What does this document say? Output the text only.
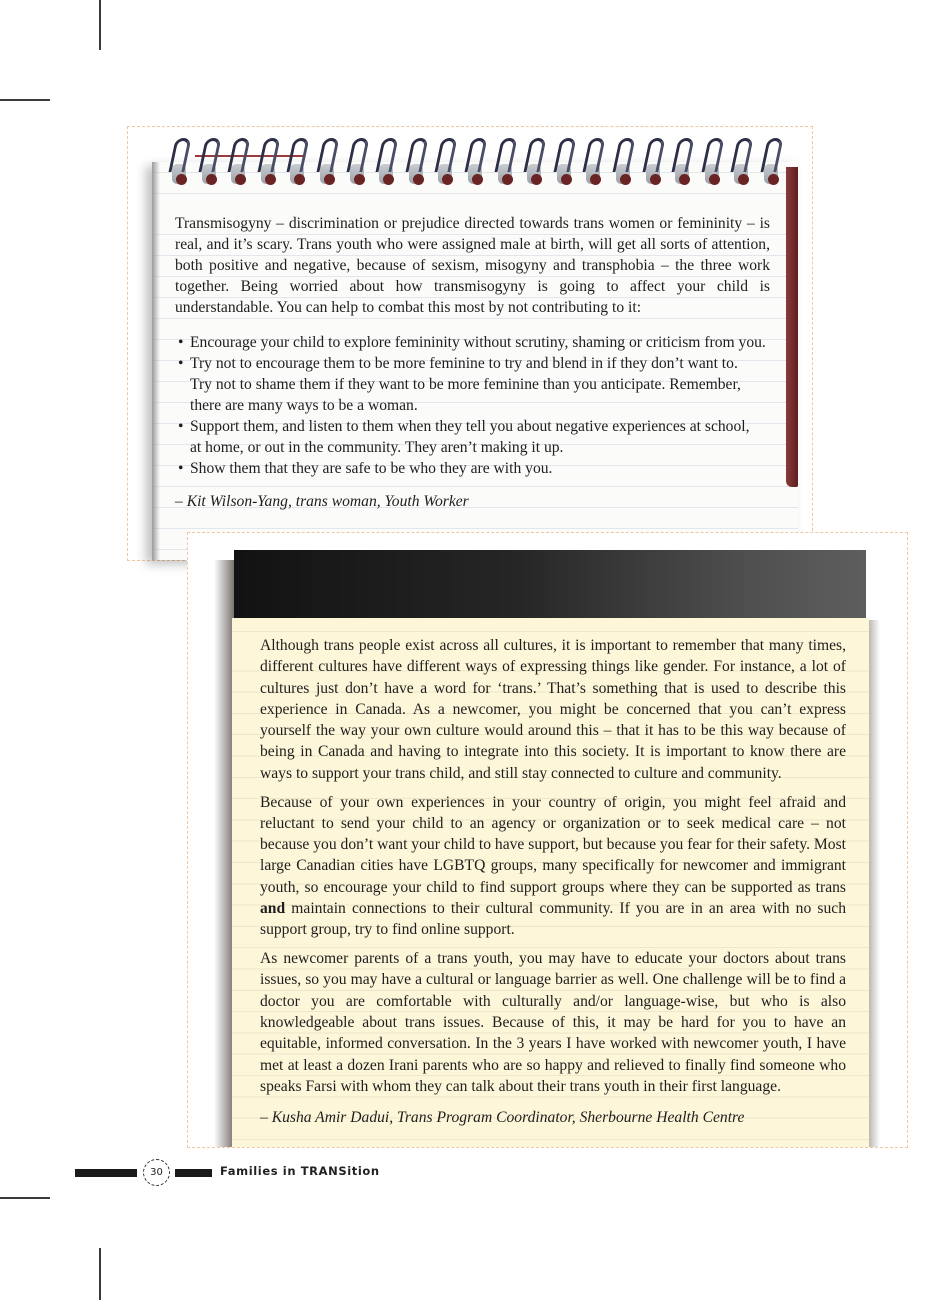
Transmisogyny – discrimination or prejudice directed towards trans women or femininity – is real, and it’s scary. Trans youth who were assigned male at birth, will get all sorts of attention, both positive and negative, because of sexism, misogyny and transphobia – the three work together. Being worried about how transmisogyny is going to affect your child is understandable. You can help to combat this most by not contributing to it:

• Encourage your child to explore femininity without scrutiny, shaming or criticism from you.
• Try not to encourage them to be more feminine to try and blend in if they don’t want to. Try not to shame them if they want to be more feminine than you anticipate. Remember, there are many ways to be a woman.
• Support them, and listen to them when they tell you about negative experiences at school, at home, or out in the community. They aren’t making it up.
• Show them that they are safe to be who they are with you.

– Kit Wilson-Yang, trans woman, Youth Worker

Although trans people exist across all cultures, it is important to remember that many times, different cultures have different ways of expressing things like gender. For instance, a lot of cultures just don’t have a word for ‘trans.’ That’s something that is used to describe this experience in Canada. As a newcomer, you might be concerned that you can’t express yourself the way your own culture would around this – that it has to be this way because of being in Canada and having to integrate into this society. It is important to know there are ways to support your trans child, and still stay connected to culture and community.

Because of your own experiences in your country of origin, you might feel afraid and reluctant to send your child to an agency or organization or to seek medical care – not because you don’t want your child to have support, but because you fear for their safety. Most large Canadian cities have LGBTQ groups, many specifically for newcomer and immigrant youth, so encourage your child to find support groups where they can be supported as trans and maintain connections to their cultural community. If you are in an area with no such support group, try to find online support.

As newcomer parents of a trans youth, you may have to educate your doctors about trans issues, so you may have a cultural or language barrier as well. One challenge will be to find a doctor you are comfortable with culturally and/or language-wise, but who is also knowledgeable about trans issues. Because of this, it may be hard for you to have an equitable, informed conversation. In the 3 years I have worked with newcomer youth, I have met at least a dozen Irani parents who are so happy and relieved to finally find someone who speaks Farsi with whom they can talk about their trans youth in their first language.

– Kusha Amir Dadui, Trans Program Coordinator, Sherbourne Health Centre

30	Families in TRANSition
